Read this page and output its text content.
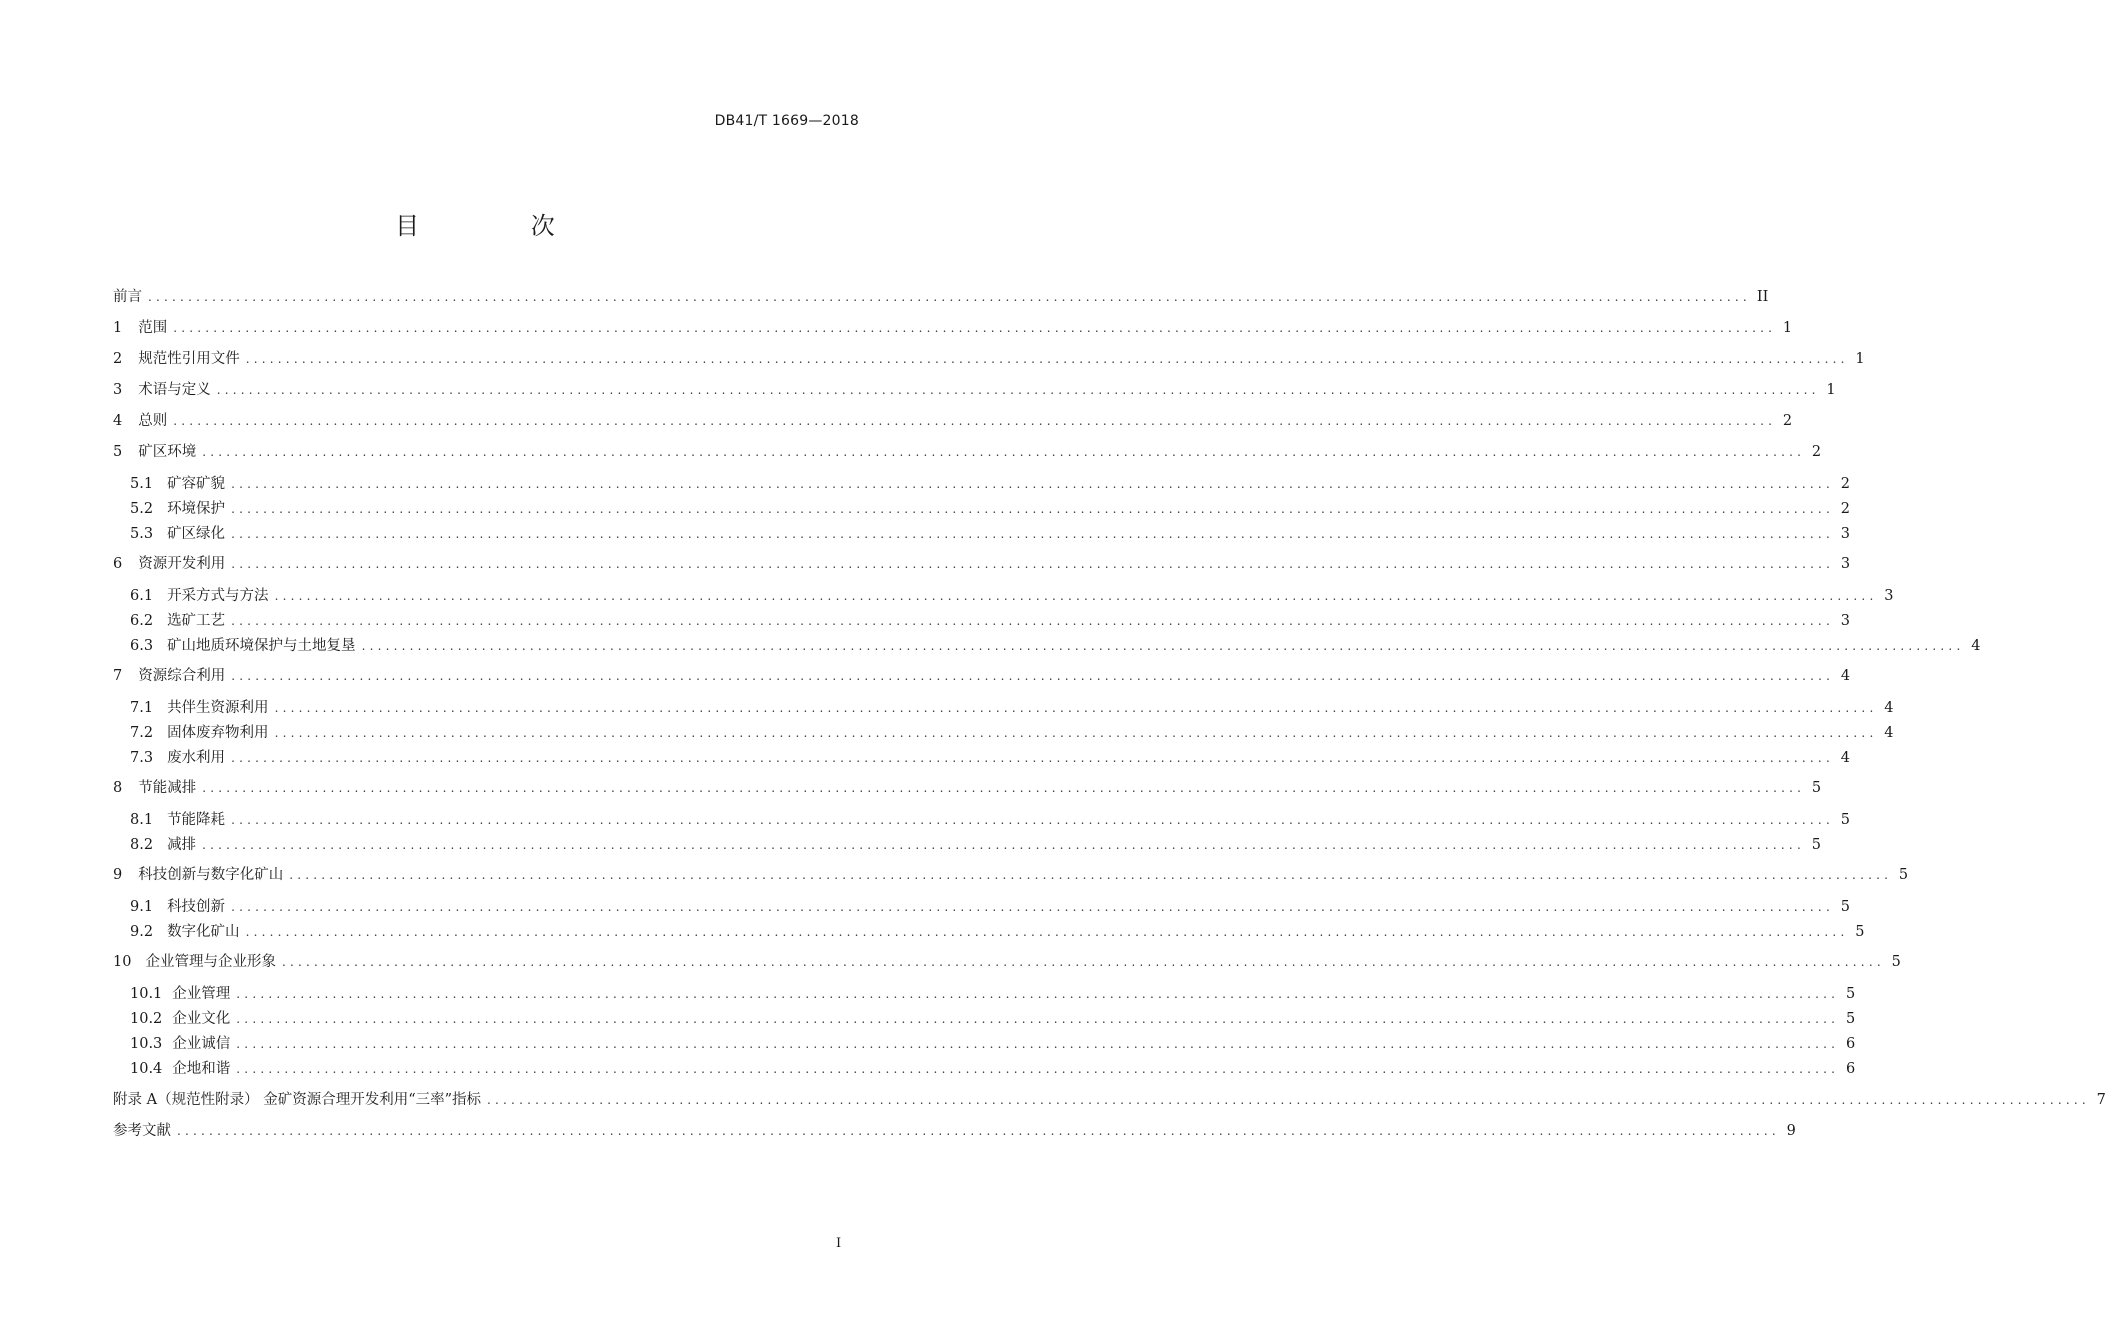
DB41/T 1669—2018
目 次
前言 ........................................................................................................................................................................................................ II
1 范围 ........................................................................................................................................................................................................ 1
2 规范性引用文件 ........................................................................................................................................................................................................ 1
3 术语与定义 ........................................................................................................................................................................................................ 1
4 总则 ........................................................................................................................................................................................................ 2
5 矿区环境 ........................................................................................................................................................................................................ 2
5.1 矿容矿貌 ........................................................................................................................................................................................................ 2
5.2 环境保护 ........................................................................................................................................................................................................ 2
5.3 矿区绿化 ........................................................................................................................................................................................................ 3
6 资源开发利用 ........................................................................................................................................................................................................ 3
6.1 开采方式与方法 ........................................................................................................................................................................................................ 3
6.2 选矿工艺 ........................................................................................................................................................................................................ 3
6.3 矿山地质环境保护与土地复垦 ........................................................................................................................................................................................................ 4
7 资源综合利用 ........................................................................................................................................................................................................ 4
7.1 共伴生资源利用 ........................................................................................................................................................................................................ 4
7.2 固体废弃物利用 ........................................................................................................................................................................................................ 4
7.3 废水利用 ........................................................................................................................................................................................................ 4
8 节能减排 ........................................................................................................................................................................................................ 5
8.1 节能降耗 ........................................................................................................................................................................................................ 5
8.2 减排 ........................................................................................................................................................................................................ 5
9 科技创新与数字化矿山 ........................................................................................................................................................................................................ 5
9.1 科技创新 ........................................................................................................................................................................................................ 5
9.2 数字化矿山 ........................................................................................................................................................................................................ 5
10 企业管理与企业形象 ........................................................................................................................................................................................................ 5
10.1 企业管理 ........................................................................................................................................................................................................ 5
10.2 企业文化 ........................................................................................................................................................................................................ 5
10.3 企业诚信 ........................................................................................................................................................................................................ 6
10.4 企地和谐 ........................................................................................................................................................................................................ 6
附录 A（规范性附录） 金矿资源合理开发利用“三率”指标 ........................................................................................................................................................................................................ 7
参考文献 ........................................................................................................................................................................................................ 9
I
